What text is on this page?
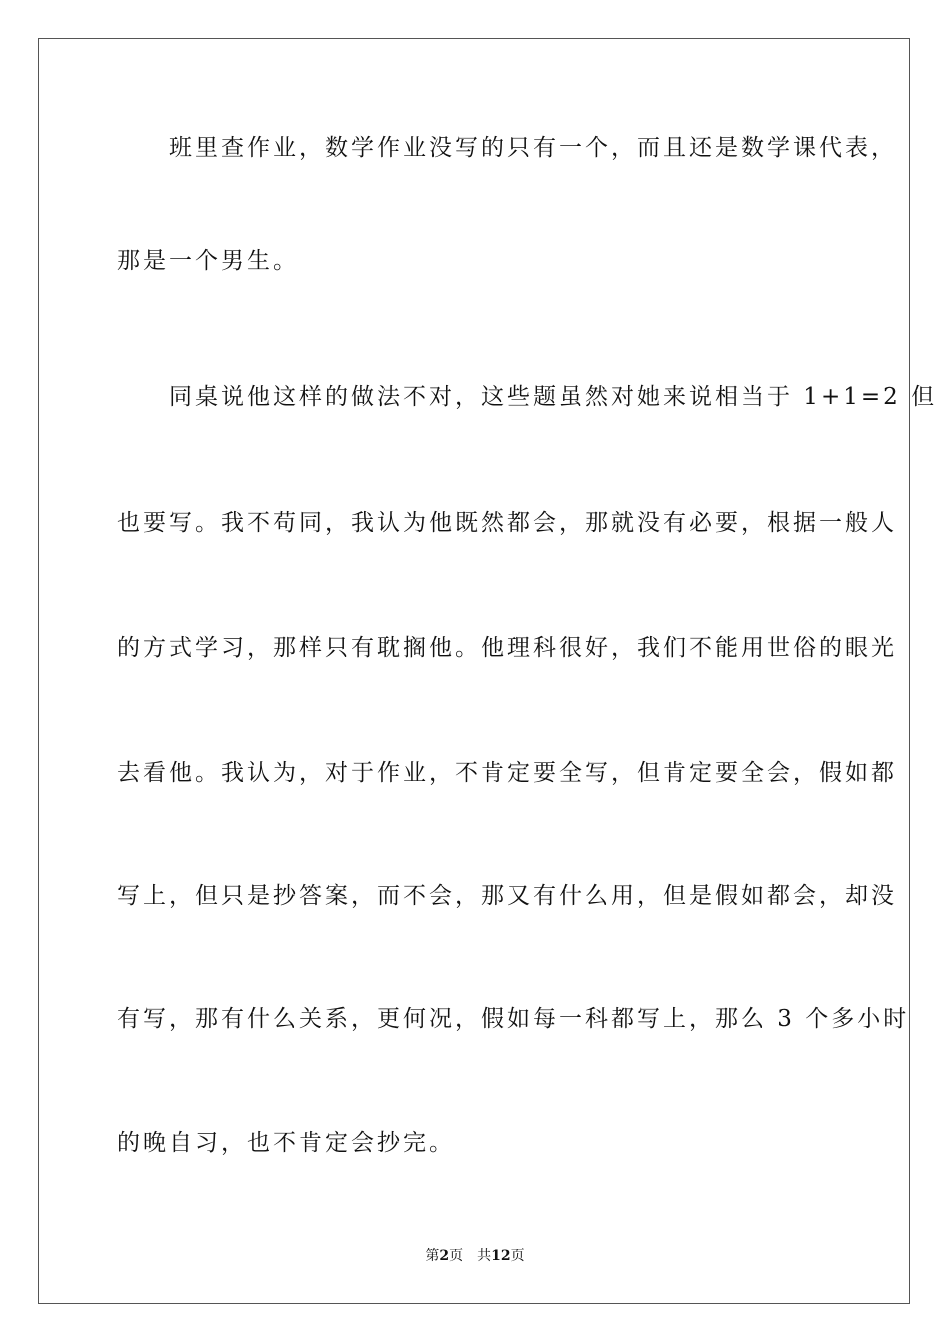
　　班里查作业，数学作业没写的只有一个，而且还是数学课代表，
那是一个男生。
　　同桌说他这样的做法不对，这些题虽然对她来说相当于 1+1=2 但
也要写。我不苟同，我认为他既然都会，那就没有必要，根据一般人
的方式学习，那样只有耽搁他。他理科很好，我们不能用世俗的眼光
去看他。我认为，对于作业，不肯定要全写，但肯定要全会，假如都
写上，但只是抄答案，而不会，那又有什么用，但是假如都会，却没
有写，那有什么关系，更何况，假如每一科都写上，那么 3 个多小时
的晚自习，也不肯定会抄完。
第2页 共12页
